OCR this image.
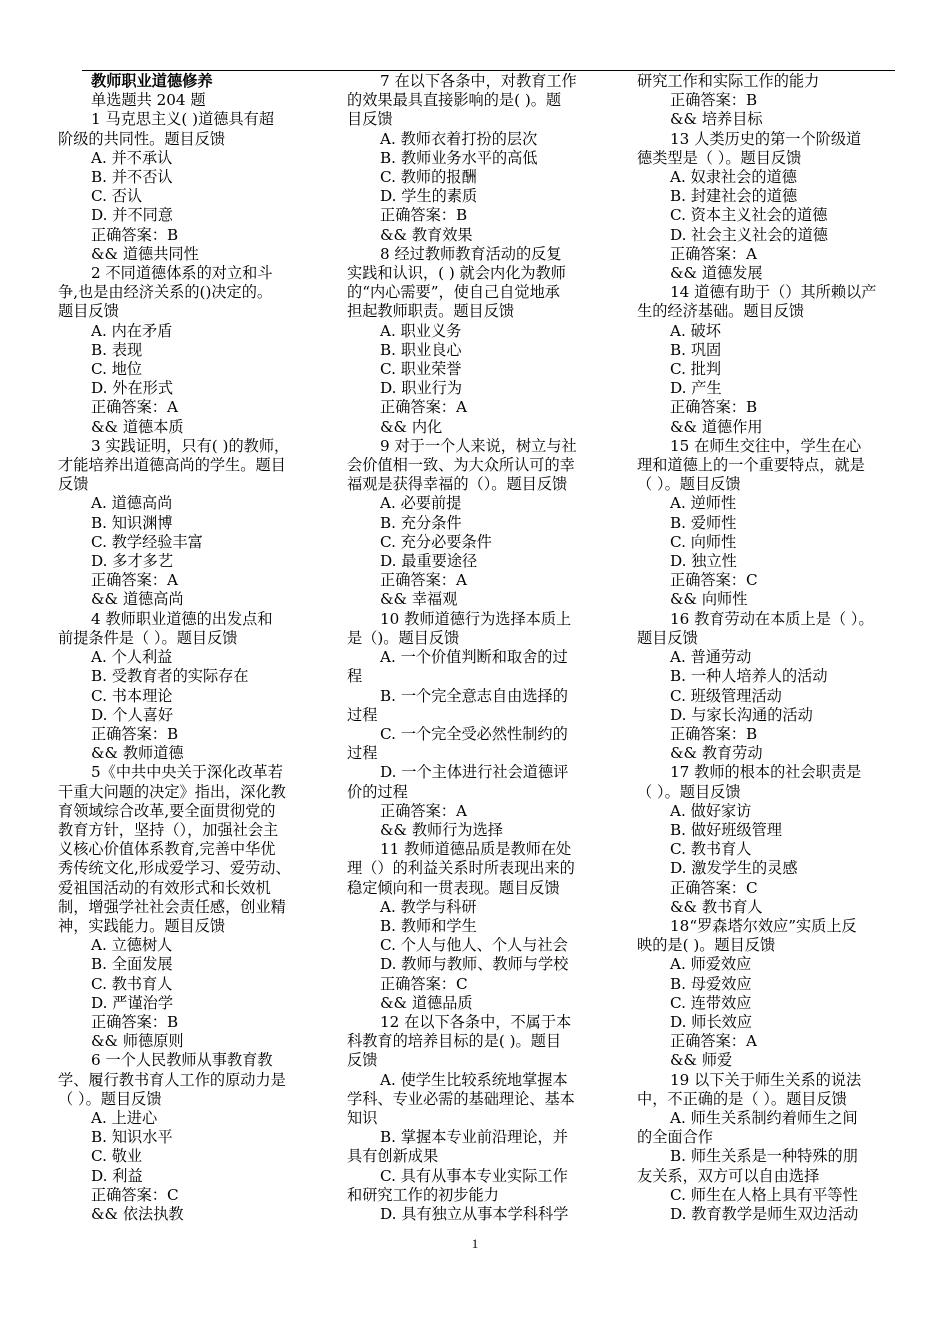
教师职业道德修养
单选题共 204 题
1 马克思主义( )道德具有超
阶级的共同性。题目反馈
A. 并不承认
B. 并不否认
C. 否认
D. 并不同意
正确答案：B
&& 道德共同性
2 不同道德体系的对立和斗
争,也是由经济关系的()决定的。
题目反馈
A. 内在矛盾
B. 表现
C. 地位
D. 外在形式
正确答案：A
&& 道德本质
3 实践证明，只有( )的教师，
才能培养出道德高尚的学生。题目
反馈
A. 道德高尚
B. 知识渊博
C. 教学经验丰富
D. 多才多艺
正确答案：A
&& 道德高尚
4 教师职业道德的出发点和
前提条件是（ ）。题目反馈
A. 个人利益
B. 受教育者的实际存在
C. 书本理论
D. 个人喜好
正确答案：B
&& 教师道德
5《中共中央关于深化改革若
干重大问题的决定》指出，深化教
育领域综合改革,要全面贯彻党的
教育方针，坚持（），加强社会主
义核心价值体系教育,完善中华优
秀传统文化,形成爱学习、爱劳动、
爱祖国活动的有效形式和长效机
制，增强学社社会责任感，创业精
神，实践能力。题目反馈
A. 立德树人
B. 全面发展
C. 教书育人
D. 严谨治学
正确答案：B
&& 师德原则
6 一个人民教师从事教育教
学、履行教书育人工作的原动力是
（ ）。题目反馈
A. 上进心
B. 知识水平
C. 敬业
D. 利益
正确答案：C
&& 依法执教
7 在以下各条中，对教育工作
的效果最具直接影响的是( )。题
目反馈
A. 教师衣着打扮的层次
B. 教师业务水平的高低
C. 教师的报酬
D. 学生的素质
正确答案：B
&& 教育效果
8 经过教师教育活动的反复
实践和认识，( ) 就会内化为教师
的“内心需要”，使自己自觉地承
担起教师职责。题目反馈
A. 职业义务
B. 职业良心
C. 职业荣誉
D. 职业行为
正确答案：A
&& 内化
9 对于一个人来说，树立与社
会价值相一致、为大众所认可的幸
福观是获得幸福的（）。题目反馈
A. 必要前提
B. 充分条件
C. 充分必要条件
D. 最重要途径
正确答案：A
&& 幸福观
10 教师道德行为选择本质上
是（)。题目反馈
A. 一个价值判断和取舍的过
程
B. 一个完全意志自由选择的
过程
C. 一个完全受必然性制约的
过程
D. 一个主体进行社会道德评
价的过程
正确答案：A
&& 教师行为选择
11 教师道德品质是教师在处
理（）的利益关系时所表现出来的
稳定倾向和一贯表现。题目反馈
A. 教学与科研
B. 教师和学生
C. 个人与他人、个人与社会
D. 教师与教师、教师与学校
正确答案：C
&& 道德品质
12 在以下各条中，不属于本
科教育的培养目标的是( )。题目
反馈
A. 使学生比较系统地掌握本
学科、专业必需的基础理论、基本
知识
B. 掌握本专业前沿理论，并
具有创新成果
C. 具有从事本专业实际工作
和研究工作的初步能力
D. 具有独立从事本学科科学
研究工作和实际工作的能力
正确答案：B
&& 培养目标
13 人类历史的第一个阶级道
德类型是（ ）。题目反馈
A. 奴隶社会的道德
B. 封建社会的道德
C. 资本主义社会的道德
D. 社会主义社会的道德
正确答案：A
&& 道德发展
14 道德有助于（）其所赖以产
生的经济基础。题目反馈
A. 破坏
B. 巩固
C. 批判
D. 产生
正确答案：B
&& 道德作用
15 在师生交往中，学生在心
理和道德上的一个重要特点，就是
（ ）。题目反馈
A. 逆师性
B. 爱师性
C. 向师性
D. 独立性
正确答案：C
&& 向师性
16 教育劳动在本质上是（ ）。
题目反馈
A. 普通劳动
B. 一种人培养人的活动
C. 班级管理活动
D. 与家长沟通的活动
正确答案：B
&& 教育劳动
17 教师的根本的社会职责是
（ ）。题目反馈
A. 做好家访
B. 做好班级管理
C. 教书育人
D. 激发学生的灵感
正确答案：C
&& 教书育人
18“罗森塔尔效应”实质上反
映的是( )。题目反馈
A. 师爱效应
B. 母爱效应
C. 连带效应
D. 师长效应
正确答案：A
&& 师爱
19 以下关于师生关系的说法
中，不正确的是（ ）。题目反馈
A. 师生关系制约着师生之间
的全面合作
B. 师生关系是一种特殊的朋
友关系，双方可以自由选择
C. 师生在人格上具有平等性
D. 教育教学是师生双边活动
1
